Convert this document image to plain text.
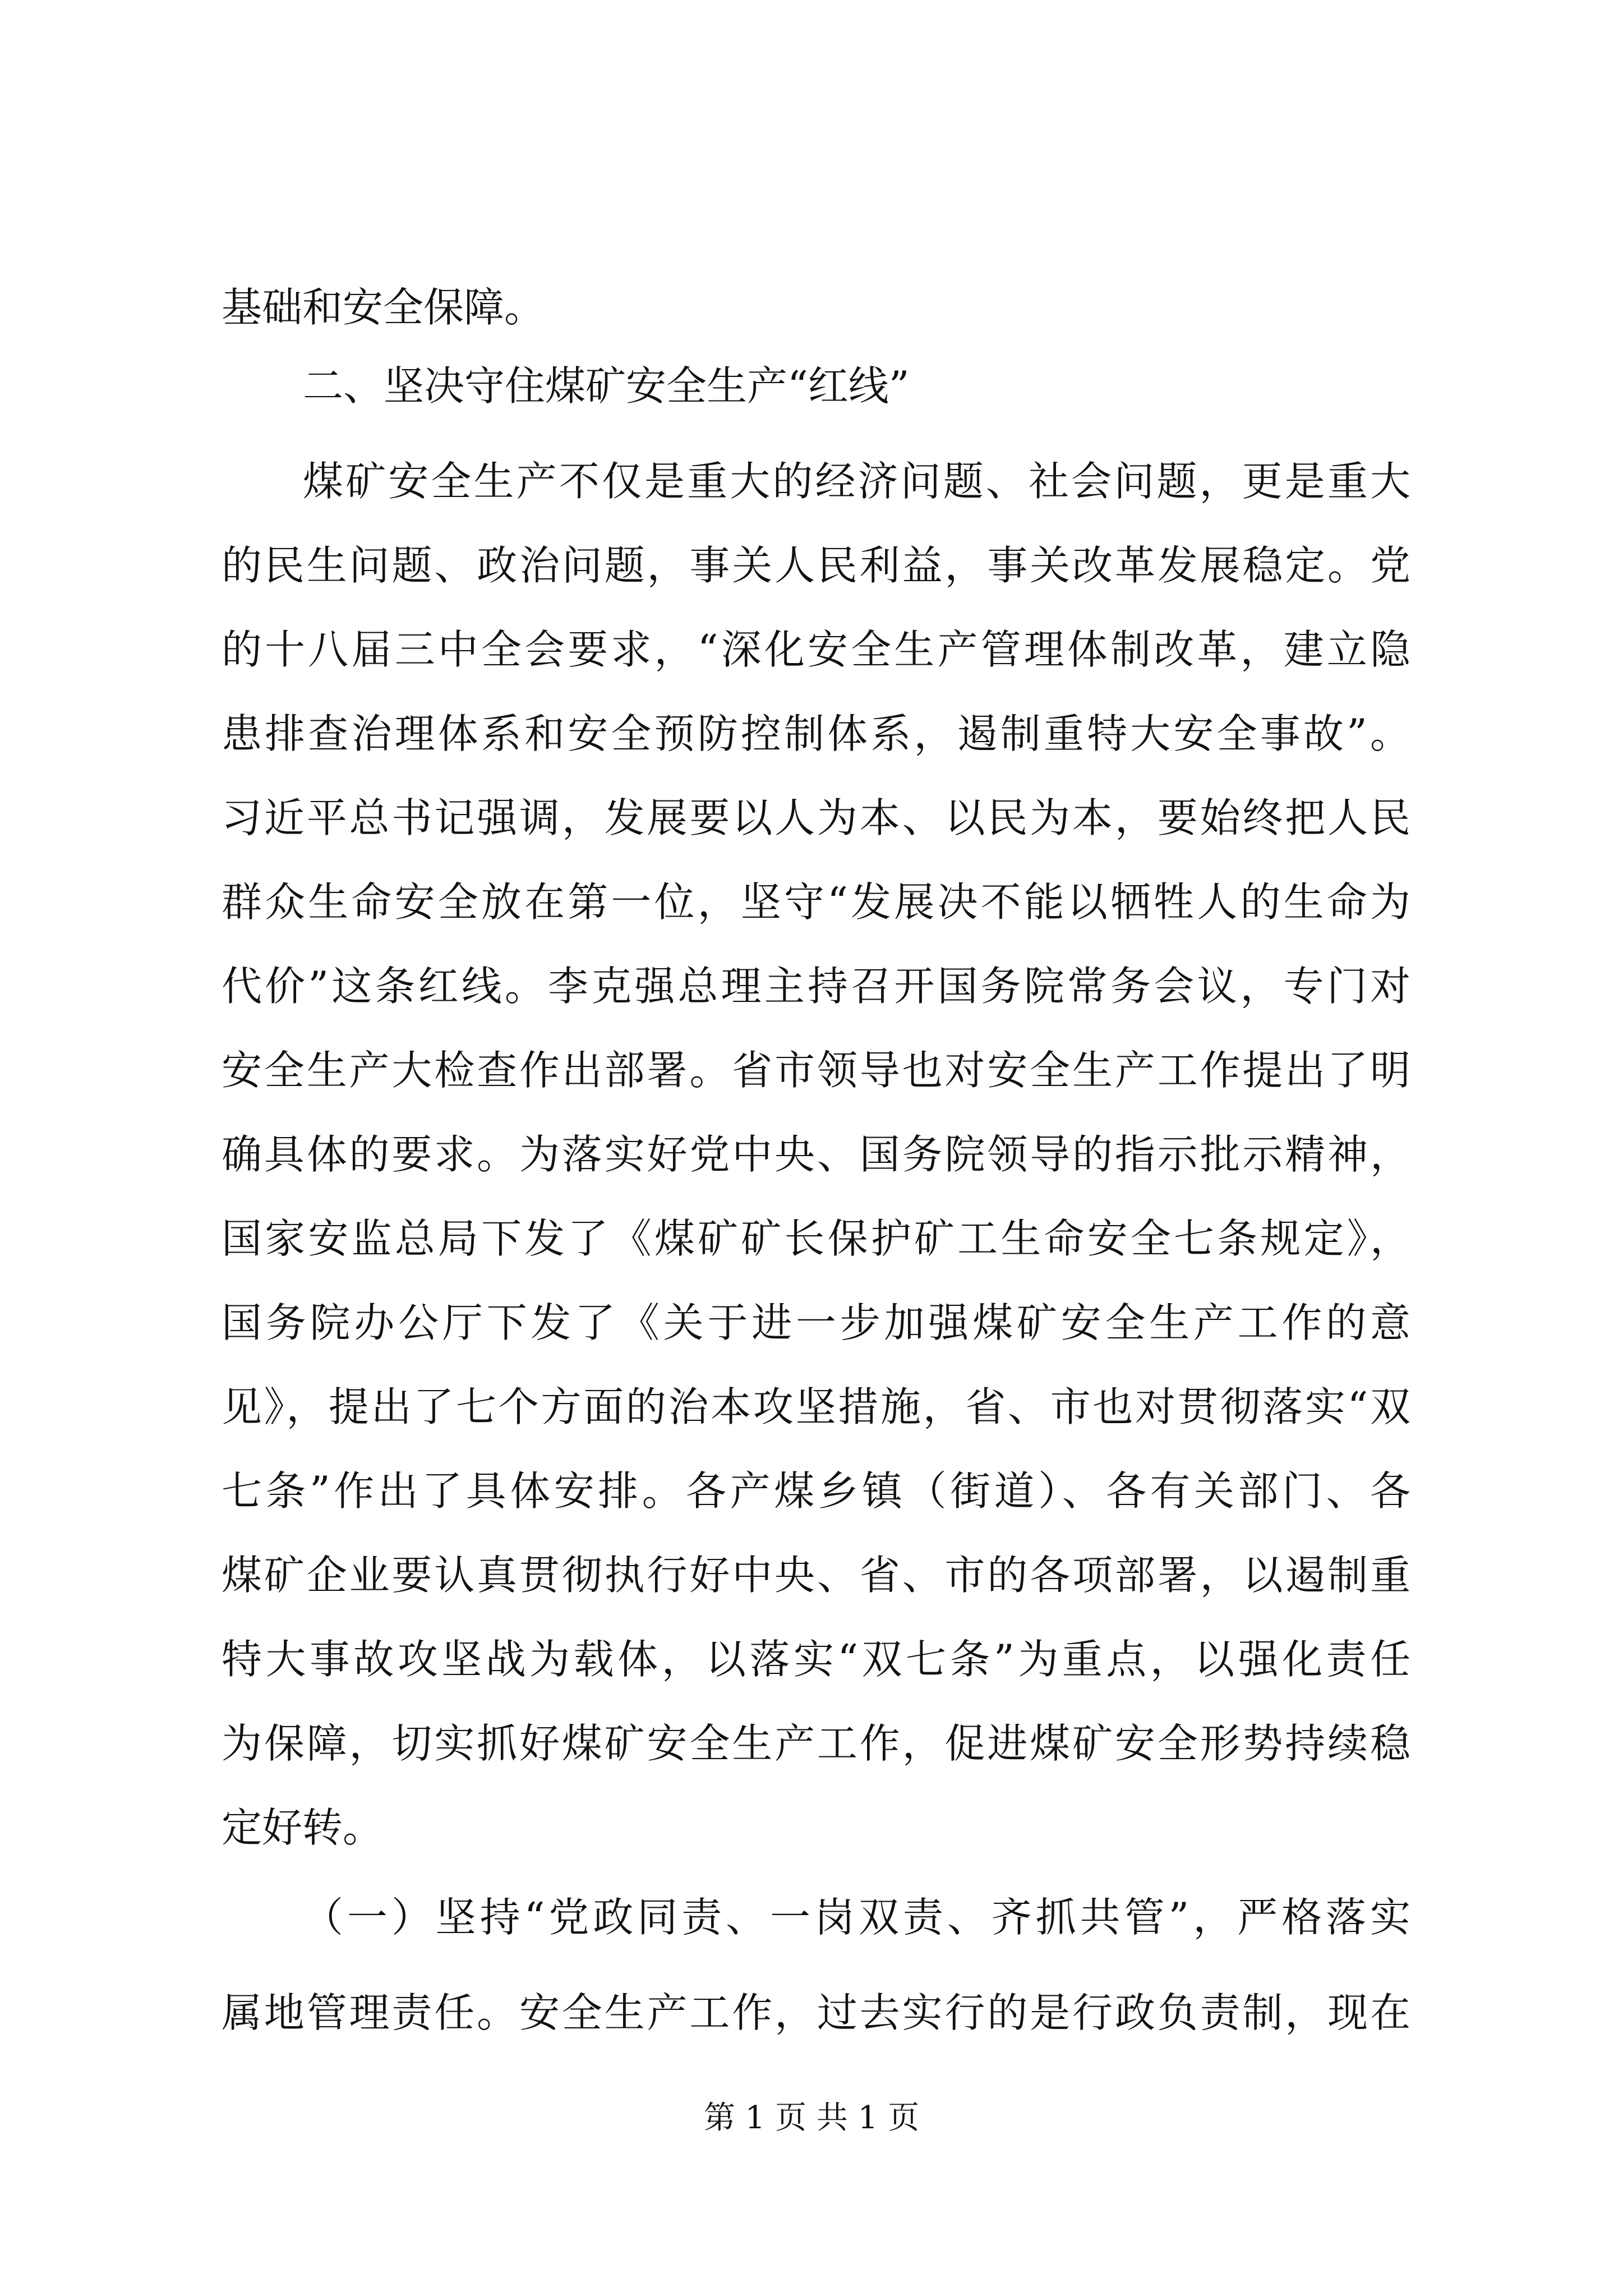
基础和安全保障。
二、坚决守住煤矿安全生产“红线”
煤矿安全生产不仅是重大的经济问题、社会问题，更是重大
的民生问题、政治问题，事关人民利益，事关改革发展稳定。党
的十八届三中全会要求，“深化安全生产管理体制改革，建立隐
患排查治理体系和安全预防控制体系，遏制重特大安全事故”。
习近平总书记强调，发展要以人为本、以民为本，要始终把人民
群众生命安全放在第一位，坚守“发展决不能以牺牲人的生命为
代价”这条红线。李克强总理主持召开国务院常务会议，专门对
安全生产大检查作出部署。省市领导也对安全生产工作提出了明
确具体的要求。为落实好党中央、国务院领导的指示批示精神，
国家安监总局下发了《煤矿矿长保护矿工生命安全七条规定》，
国务院办公厅下发了《关于进一步加强煤矿安全生产工作的意
见》，提出了七个方面的治本攻坚措施，省、市也对贯彻落实“双
七条”作出了具体安排。各产煤乡镇（街道）、各有关部门、各
煤矿企业要认真贯彻执行好中央、省、市的各项部署，以遏制重
特大事故攻坚战为载体，以落实“双七条”为重点，以强化责任
为保障，切实抓好煤矿安全生产工作，促进煤矿安全形势持续稳
定好转。
（一）坚持“党政同责、一岗双责、齐抓共管”，严格落实
属地管理责任。安全生产工作，过去实行的是行政负责制，现在
第 1 页 共 1 页
